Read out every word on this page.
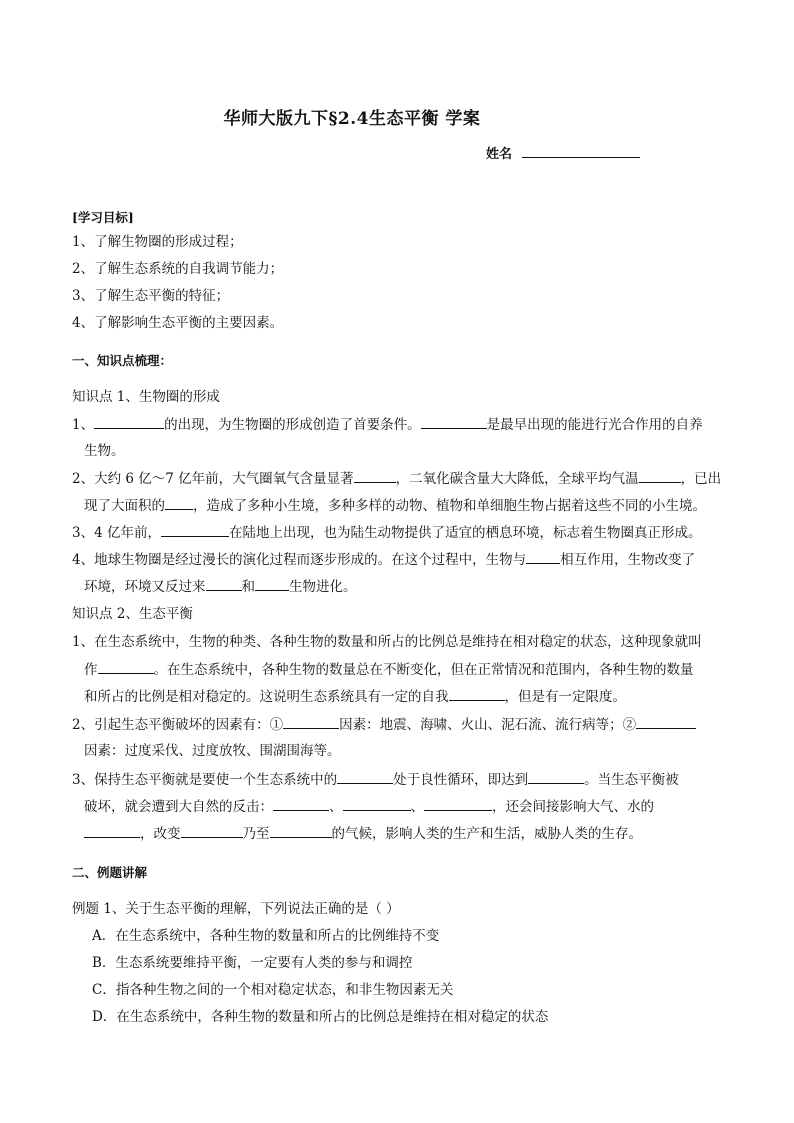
华师大版九下§2.4生态平衡 学案
姓名
[学习目标]
1、了解生物圈的形成过程；
2、了解生态系统的自我调节能力；
3、了解生态平衡的特征；
4、了解影响生态平衡的主要因素。
一、知识点梳理：
知识点 1、生物圈的形成
1、	的出现，为生物圈的形成创造了首要条件。	是最早出现的能进行光合作用的自养
生物。
2、大约 6 亿～7 亿年前，大气圈氧气含量显著	，二氧化碳含量大大降低，全球平均气温	，已出
现了大面积的 ，造成了多种小生境，多种多样的动物、植物和单细胞生物占据着这些不同的小生境。
3、4 亿年前，	在陆地上出现，也为陆生动物提供了适宜的栖息环境，标志着生物圈真正形成。
4、地球生物圈是经过漫长的演化过程而逐步形成的。在这个过程中，生物与	相互作用，生物改变了
环境，环境又反过来	和	生物进化。
知识点 2、生态平衡
1、在生态系统中，生物的种类、各种生物的数量和所占的比例总是维持在相对稳定的状态，这种现象就叫
作	。在生态系统中，各种生物的数量总在不断变化，但在正常情况和范围内，各种生物的数量
和所占的比例是相对稳定的。这说明生态系统具有一定的自我	，但是有一定限度。
2、引起生态平衡破坏的因素有：①	因素：地震、海啸、火山、泥石流、流行病等；②
因素：过度采伐、过度放牧、围湖围海等。
3、保持生态平衡就是要使一个生态系统中的	处于良性循环，即达到	。当生态平衡被
破坏，就会遭到大自然的反击：	、	、	，还会间接影响大气、水的
，改变	乃至	的气候，影响人类的生产和生活，威胁人类的生存。
二、例题讲解
例题 1、关于生态平衡的理解，下列说法正确的是（ ）
A．在生态系统中，各种生物的数量和所占的比例维持不变
B．生态系统要维持平衡，一定要有人类的参与和调控
C．指各种生物之间的一个相对稳定状态，和非生物因素无关
D．在生态系统中，各种生物的数量和所占的比例总是维持在相对稳定的状态
